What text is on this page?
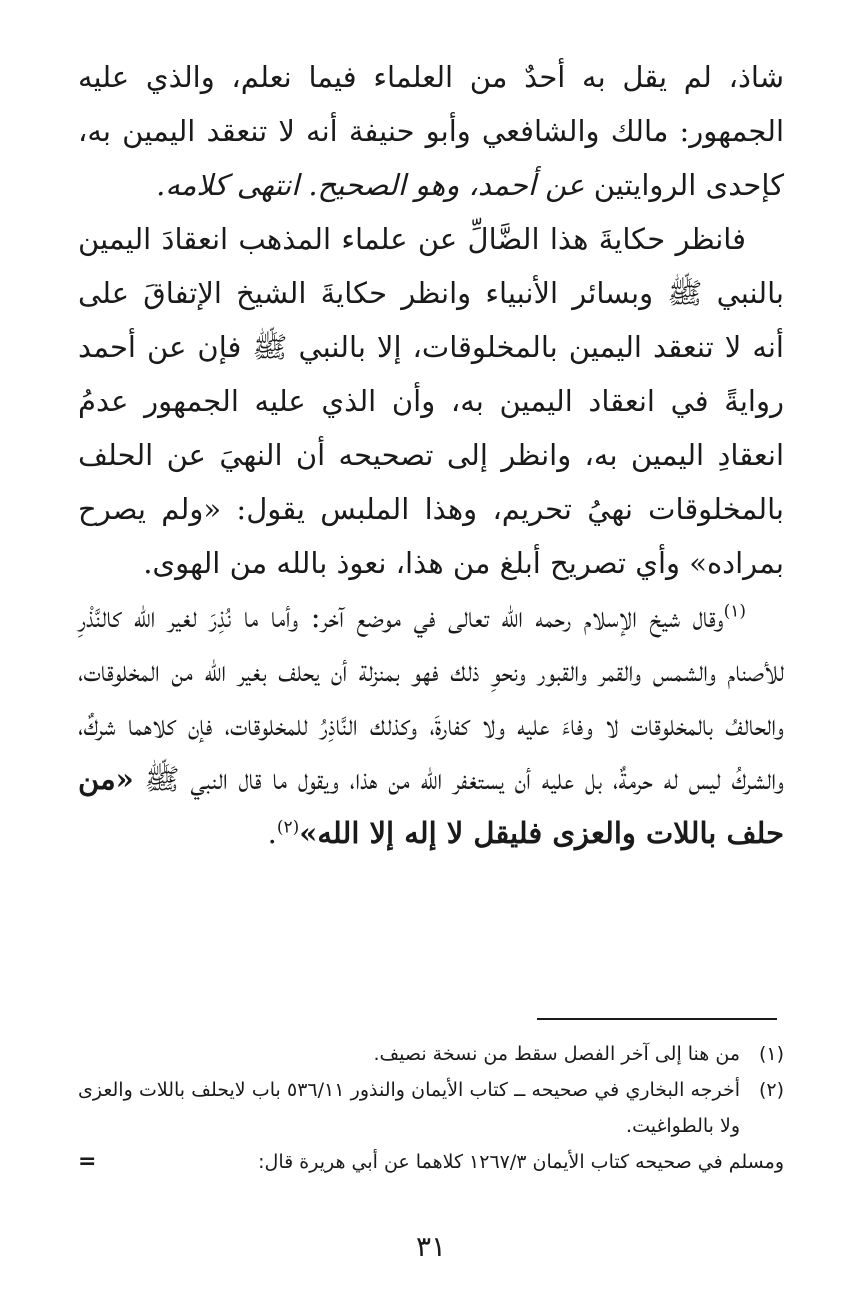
شاذ، لم يقل به أحدٌ من العلماء فيما نعلم، والذي عليه الجمهور: مالك والشافعي وأبو حنيفة أنه لا تنعقد اليمين به، كإحدى الروايتين عن أحمد، وهو الصحيح. انتهى كلامه.

فانظر حكايةَ هذا الضَّالِّ عن علماء المذهب انعقادَ اليمين بالنبي ﷺ وبسائر الأنبياء وانظر حكايةَ الشيخ الإتفاقَ على أنه لا تنعقد اليمين بالمخلوقات، إلا بالنبي ﷺ فإن عن أحمد روايةً في انعقاد اليمين به، وأن الذي عليه الجمهور عدمُ انعقادِ اليمين به، وانظر إلى تصحيحه أن النهيَ عن الحلف بالمخلوقات نهيُ تحريم، وهذا الملبس يقول: «ولم يصرح بمراده» وأي تصريح أبلغ من هذا، نعوذ بالله من الهوى.

$^{(١)}$وقال شيخ الإسلام رحمه الله تعالى في موضع آخر: وأما ما نُذِرَ لغير الله كالنَّذْرِ للأصنام والشمس والقمر والقبور ونحوِ ذلك فهو بمنزلة أن يحلف بغير الله من المخلوقات، والحالفُ بالمخلوقات لا وفاءَ عليه ولا كفارةَ، وكذلك النَّاذِرُ للمخلوقات، فإن كلاهما شركٌ، والشركُ ليس له حرمةٌ، بل عليه أن يستغفر الله من هذا، ويقول ما قال النبي ﷺ «من حلف باللات والعزى فليقل لا إله إلا الله»$^{(٢)}$.

(١)
من هنا إلى آخر الفصل سقط من نسخة نصيف.
(٢)
أخرجه البخاري في صحيحه ــ كتاب الأيمان والنذور ٥٣٦/١١ باب لايحلف باللات والعزى ولا بالطواغيت.
ومسلم في صحيحه كتاب الأيمان ١٢٦٧/٣ كلاهما عن أبي هريرة قال:
=
٣١
